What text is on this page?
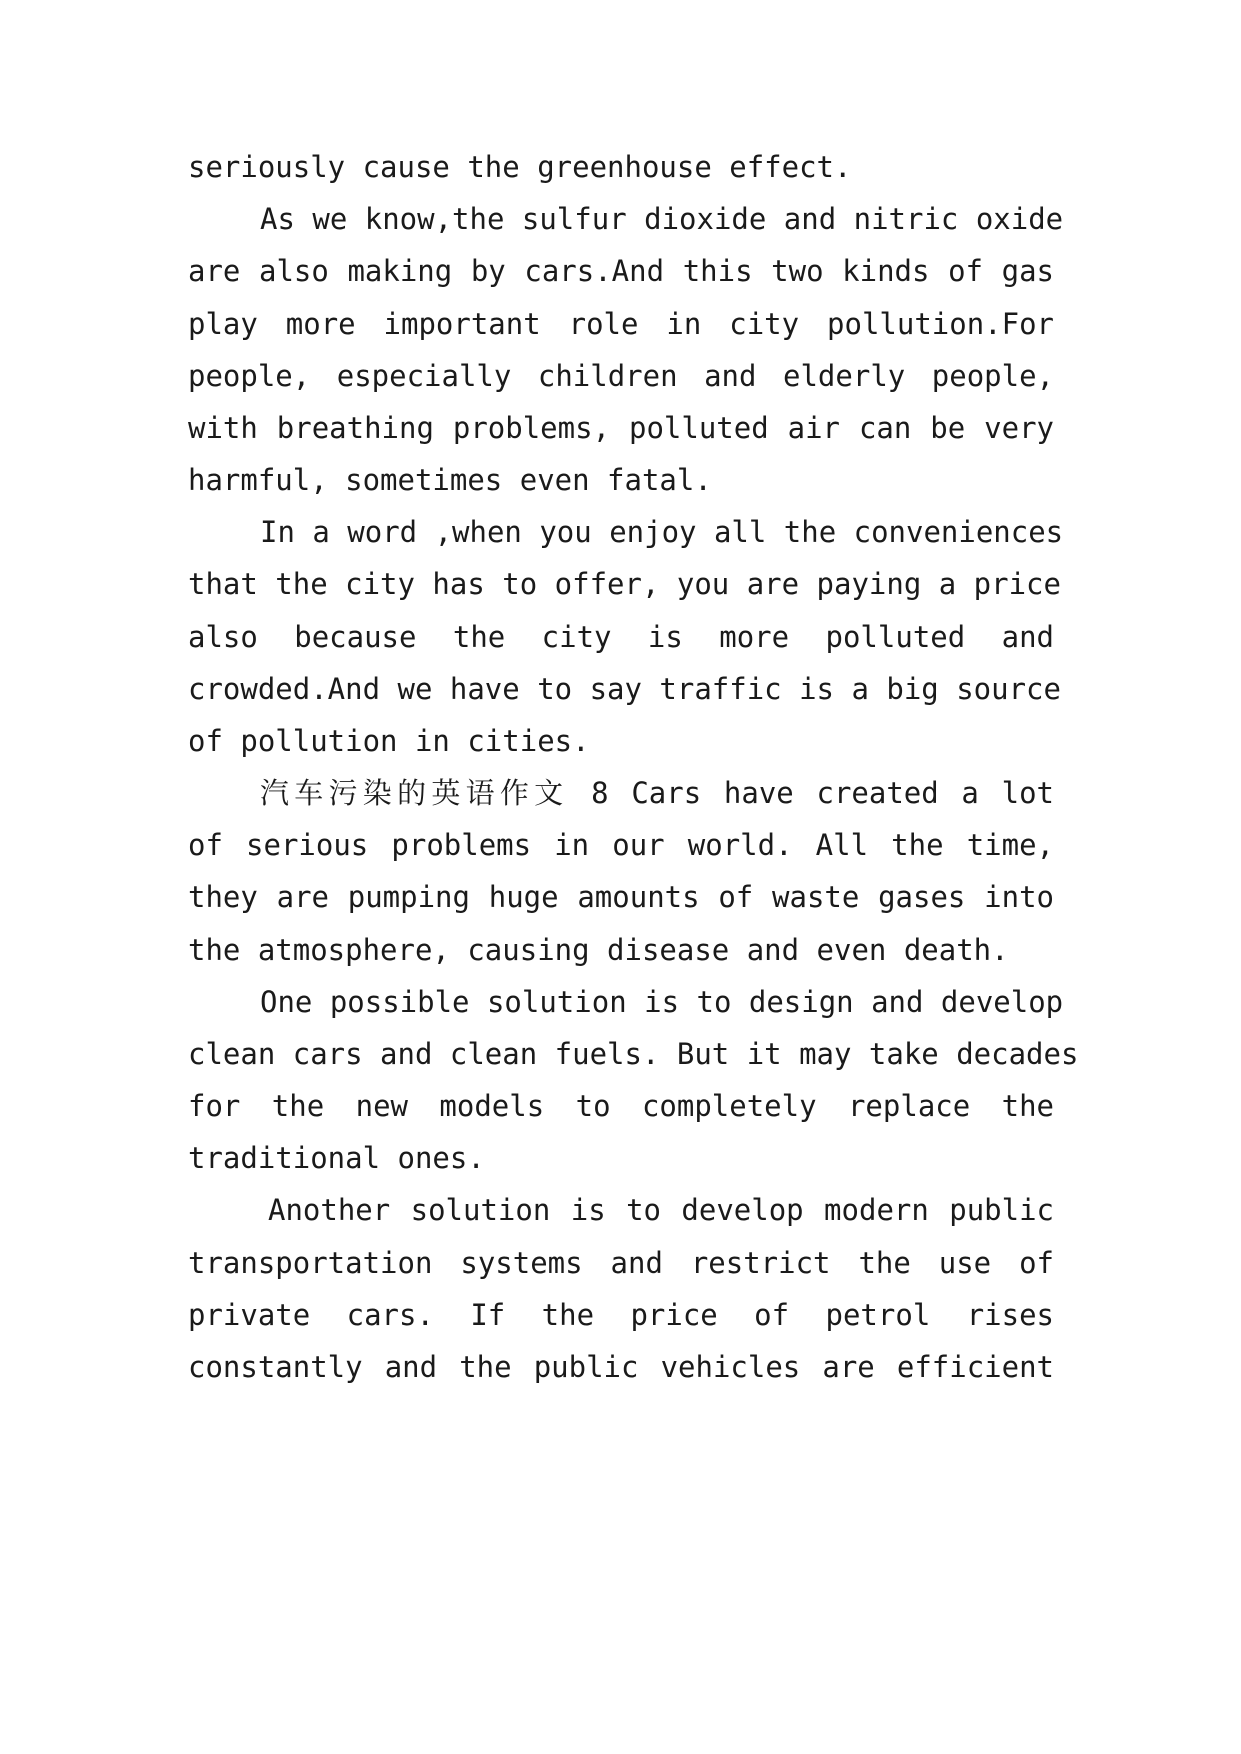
seriously cause the greenhouse effect.
As we know,the sulfur dioxide and nitric oxide
are also making by cars.And this two kinds of gas
play more important role in city pollution.For
people, especially children and elderly people,
with breathing problems, polluted air can be very
harmful, sometimes even fatal.
In a word ,when you enjoy all the conveniences
that the city has to offer, you are paying a price
also because the city is more polluted and
crowded.And we have to say traffic is a big source
of pollution in cities.
汽车污染的英语作文 8 Cars have created a lot
of serious problems in our world. All the time,
they are pumping huge amounts of waste gases into
the atmosphere, causing disease and even death.
One possible solution is to design and develop
clean cars and clean fuels. But it may take decades
for the new models to completely replace the
traditional ones.
Another solution is to develop modern public
transportation systems and restrict the use of
private cars. If the price of petrol rises
constantly and the public vehicles are efficient
